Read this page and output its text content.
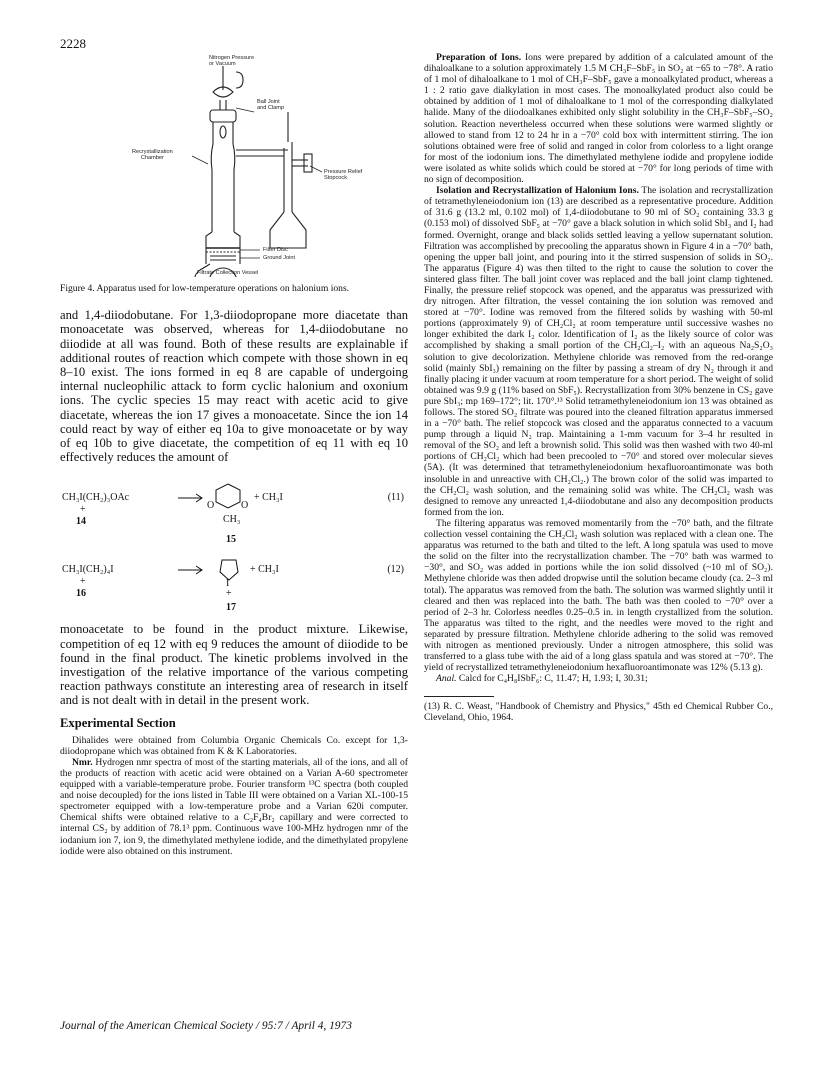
2228
Nitrogen Pressure
or Vacuum
Ball Joint
and Clamp
Pressure Relief
Stopcock
Recrystallization
Chamber
Filter Disc
Ground Joint
Filtrate Collection Vessel

Figure 4. Apparatus used for low-temperature operations on halonium ions.

and 1,4-diiodobutane. For 1,3-diiodopropane more diacetate than monoacetate was observed, whereas for 1,4-diiodobutane no diiodide at all was found. Both of these results are explainable if additional routes of reaction which compete with those shown in eq 8–10 exist. The ions formed in eq 8 are capable of undergoing internal nucleophilic attack to form cyclic halonium and oxonium ions. The cyclic species 15 may react with acetic acid to give diacetate, whereas the ion 17 gives a monoacetate. Since the ion 14 could react by way of either eq 10a to give monoacetate or by way of eq 10b to give diacetate, the competition of eq 11 with eq 10 effectively reduces the amount of

CH₃I(CH₂)₃OAc
+
14
O	O
CH₃
+ CH₃I	(11)
15
CH₃I(CH₂)₄I
+
16
I
+
+ CH₃I	(12)
17

monoacetate to be found in the product mixture. Likewise, competition of eq 12 with eq 9 reduces the amount of diiodide to be found in the final product. The kinetic problems involved in the investigation of the relative importance of the various competing reaction pathways constitute an interesting area of research in itself and is not dealt with in detail in the present work.

Experimental Section

Dihalides were obtained from Columbia Organic Chemicals Co. except for 1,3-diiodopropane which was obtained from K & K Laboratories.

Nmr. Hydrogen nmr spectra of most of the starting materials, all of the ions, and all of the products of reaction with acetic acid were obtained on a Varian A-60 spectrometer equipped with a variable-temperature probe. Fourier transform ¹³C spectra (both coupled and noise decoupled) for the ions listed in Table III were obtained on a Varian XL-100-15 spectrometer equipped with a low-temperature probe and a Varian 620i computer. Chemical shifts were obtained relative to a C₂F₄Br₂ capillary and were corrected to internal CS₂ by addition of 78.1³ ppm. Continuous wave 100-MHz hydrogen nmr of the iodanium ion 7, ion 9, the dimethylated methylene iodide, and the dimethylated propylene iodide were also obtained on this instrument.

Preparation of Ions. Ions were prepared by addition of a calculated amount of the dihaloalkane to a solution approximately 1.5 M CH₃F–SbF₅ in SO₂ at −65 to −78°. A ratio of 1 mol of dihaloalkane to 1 mol of CH₃F–SbF₅ gave a monoalkylated product, whereas a 1 : 2 ratio gave dialkylation in most cases. The monoalkylated product also could be obtained by addition of 1 mol of dihaloalkane to 1 mol of the corresponding dialkylated halide. Many of the diiodoalkanes exhibited only slight solubility in the CH₃F–SbF₅–SO₂ solution. Reaction nevertheless occurred when these solutions were warmed slightly or allowed to stand from 12 to 24 hr in a −70° cold box with intermittent stirring. The ion solutions obtained were free of solid and ranged in color from colorless to a light orange for most of the iodonium ions. The dimethylated methylene iodide and propylene iodide were isolated as white solids which could be stored at −70° for long periods of time with no sign of decomposition.

Isolation and Recrystallization of Halonium Ions. The isolation and recrystallization of tetramethyleneiodonium ion (13) are described as a representative procedure. Addition of 31.6 g (13.2 ml, 0.102 mol) of 1,4-diiodobutane to 90 ml of SO₂ containing 33.3 g (0.153 mol) of dissolved SbF₅ at −70° gave a black solution in which solid SbI₃ and I₂ had formed. Overnight, orange and black solids settled leaving a yellow supernatant solution. Filtration was accomplished by precooling the apparatus shown in Figure 4 in a −70° bath, opening the upper ball joint, and pouring into it the stirred suspension of solids in SO₂. The apparatus (Figure 4) was then tilted to the right to cause the solution to cover the sintered glass filter. The ball joint cover was replaced and the ball joint clamp tightened. Finally, the pressure relief stopcock was opened, and the apparatus was pressurized with dry nitrogen. After filtration, the vessel containing the ion solution was removed and stored at −70°. Iodine was removed from the filtered solids by washing with 50-ml portions (approximately 9) of CH₂Cl₂ at room temperature until successive washes no longer exhibited the dark I₂ color. Identification of I₂ as the likely source of color was accomplished by shaking a small portion of the CH₂Cl₂–I₂ with an aqueous Na₂S₂O₃ solution to give decolorization. Methylene chloride was removed from the red-orange solid (mainly SbI₃) remaining on the filter by passing a stream of dry N₂ through it and finally placing it under vacuum at room temperature for a short period. The weight of solid obtained was 9.9 g (11% based on SbF₅). Recrystallization from 30% benzene in CS₂ gave pure SbI₃; mp 169–172°; lit. 170°.¹³ Solid tetramethyleneiodonium ion 13 was obtained as follows. The stored SO₂ filtrate was poured into the cleaned filtration apparatus immersed in a −70° bath. The relief stopcock was closed and the apparatus connected to a vacuum pump through a liquid N₂ trap. Maintaining a 1-mm vacuum for 3–4 hr resulted in removal of the SO₂ and left a brownish solid. This solid was then washed with two 40-ml portions of CH₂Cl₂ which had been precooled to −70° and stored over molecular sieves (5A). (It was determined that tetramethyleneiodonium hexafluoroantimonate was both insoluble in and unreactive with CH₂Cl₂.) The brown color of the solid was imparted to the CH₂Cl₂ wash solution, and the remaining solid was white. The CH₂Cl₂ wash was designed to remove any unreacted 1,4-diiodobutane and also any decomposition products formed from the ion.

The filtering apparatus was removed momentarily from the −70° bath, and the filtrate collection vessel containing the CH₂Cl₂ wash solution was replaced with a clean one. The apparatus was returned to the bath and tilted to the left. A long spatula was used to move the solid on the filter into the recrystallization chamber. The −70° bath was warmed to −30°, and SO₂ was added in portions while the ion solid dissolved (~10 ml of SO₂). Methylene chloride was then added dropwise until the solution became cloudy (ca. 2–3 ml total). The apparatus was removed from the bath. The solution was warmed slightly until it cleared and then was replaced into the bath. The bath was then cooled to −70° over a period of 2–3 hr. Colorless needles 0.25–0.5 in. in length crystallized from the solution. The apparatus was tilted to the right, and the needles were moved to the right and separated by pressure filtration. Methylene chloride adhering to the solid was removed with nitrogen as mentioned previously. Under a nitrogen atmosphere, this solid was transferred to a glass tube with the aid of a long glass spatula and was stored at −70°. The yield of recrystallized tetramethyleneiodonium hexafluoroantimonate was 12% (5.13 g).

Anal. Calcd for C₄H₈ISbF₆: C, 11.47; H, 1.93; I, 30.31;

(13) R. C. Weast, "Handbook of Chemistry and Physics," 45th ed Chemical Rubber Co., Cleveland, Ohio, 1964.

Journal of the American Chemical Society / 95:7 / April 4, 1973
